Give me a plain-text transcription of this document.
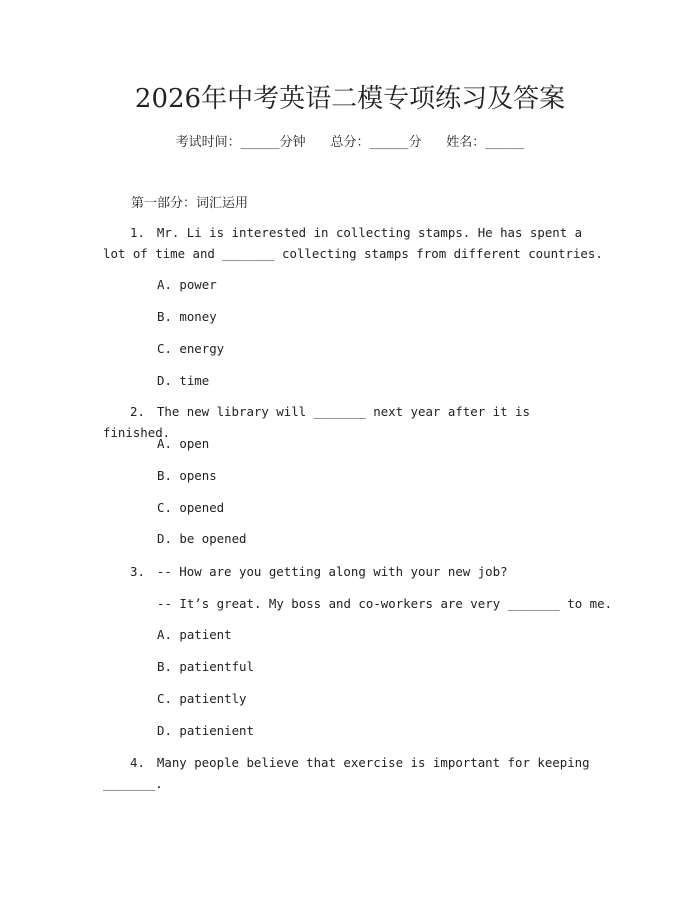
2026年中考英语二模专项练习及答案
考试时间：______分钟 总分：______分 姓名：______
第一部分：词汇运用
1. Mr. Li is interested in collecting stamps. He has spent a lot of time and _______ collecting stamps from different countries.
A. power
B. money
C. energy
D. time
2. The new library will _______ next year after it is finished.
A. open
B. opens
C. opened
D. be opened
3. -- How are you getting along with your new job?
-- It’s great. My boss and co-workers are very _______ to me.
A. patient
B. patientful
C. patiently
D. patienient
4. Many people believe that exercise is important for keeping _______.
